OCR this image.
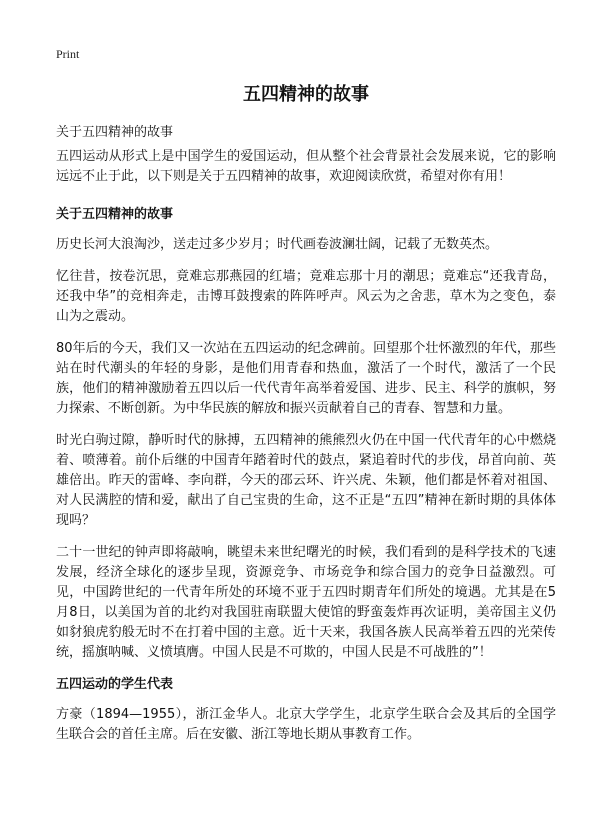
Print
五四精神的故事
关于五四精神的故事

五四运动从形式上是中国学生的爱国运动，但从整个社会背景社会发展来说，它的影响远远不止于此，以下则是关于五四精神的故事，欢迎阅读欣赏，希望对你有用！

关于五四精神的故事

历史长河大浪淘沙，送走过多少岁月；时代画卷波澜壮阔，记载了无数英杰。

忆往昔，按卷沉思，竟难忘那燕园的红墙；竟难忘那十月的潮思；竟难忘“还我青岛，还我中华”的竞相奔走，击博耳鼓搜索的阵阵呼声。风云为之舍悲，草木为之变色，泰山为之震动。

80年后的今天，我们又一次站在五四运动的纪念碑前。回望那个壮怀激烈的年代，那些站在时代潮头的年轻的身影，是他们用青春和热血，激活了一个时代，激活了一个民族，他们的精神激励着五四以后一代代青年高举着爱国、进步、民主、科学的旗帜，努力探索、不断创新。为中华民族的解放和振兴贡献着自己的青春、智慧和力量。

时光白驹过隙，静听时代的脉搏，五四精神的熊熊烈火仍在中国一代代青年的心中燃烧着、喷薄着。前仆后继的中国青年踏着时代的鼓点，紧追着时代的步伐，昂首向前、英雄倍出。昨天的雷峰、李向群，今天的邵云环、许兴虎、朱颖，他们都是怀着对祖国、对人民满腔的情和爱，献出了自己宝贵的生命，这不正是“五四”精神在新时期的具体体现吗？

二十一世纪的钟声即将敲响，眺望未来世纪曙光的时候，我们看到的是科学技术的飞速发展，经济全球化的逐步呈现，资源竞争、市场竞争和综合国力的竞争日益激烈。可见，中国跨世纪的一代青年所处的环境不亚于五四时期青年们所处的境遇。尤其是在5月8日，以美国为首的北约对我国驻南联盟大使馆的野蛮轰炸再次证明，美帝国主义仍如豺狼虎豹般无时不在打着中国的主意。近十天来，我国各族人民高举着五四的光荣传统，摇旗呐喊、义愤填膺。中国人民是不可欺的，中国人民是不可战胜的”！

五四运动的学生代表

方豪（1894—1955），浙江金华人。北京大学学生，北京学生联合会及其后的全国学生联合会的首任主席。后在安徽、浙江等地长期从事教育工作。
